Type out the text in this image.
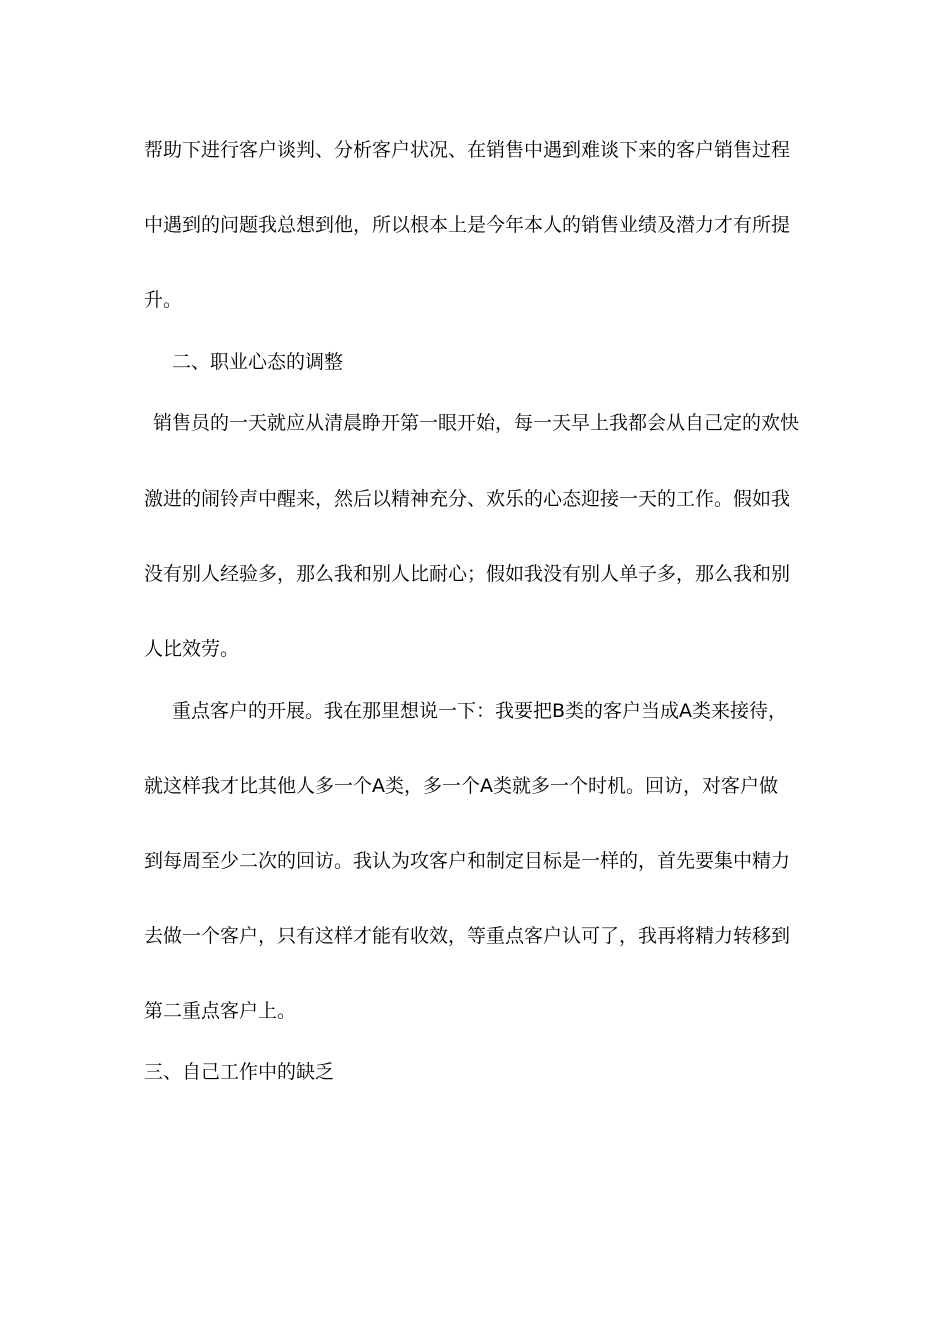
帮助下进行客户谈判、分析客户状况、在销售中遇到难谈下来的客户销售过程
中遇到的问题我总想到他，所以根本上是今年本人的销售业绩及潜力才有所提
升。
二、职业心态的调整
销售员的一天就应从清晨睁开第一眼开始，每一天早上我都会从自己定的欢快
激进的闹铃声中醒来，然后以精神充分、欢乐的心态迎接一天的工作。假如我
没有别人经验多，那么我和别人比耐心；假如我没有别人单子多，那么我和别
人比效劳。
重点客户的开展。我在那里想说一下：我要把B类的客户当成A类来接待，
就这样我才比其他人多一个A类，多一个A类就多一个时机。回访，对客户做
到每周至少二次的回访。我认为攻客户和制定目标是一样的，首先要集中精力
去做一个客户，只有这样才能有收效，等重点客户认可了，我再将精力转移到
第二重点客户上。
三、自己工作中的缺乏
